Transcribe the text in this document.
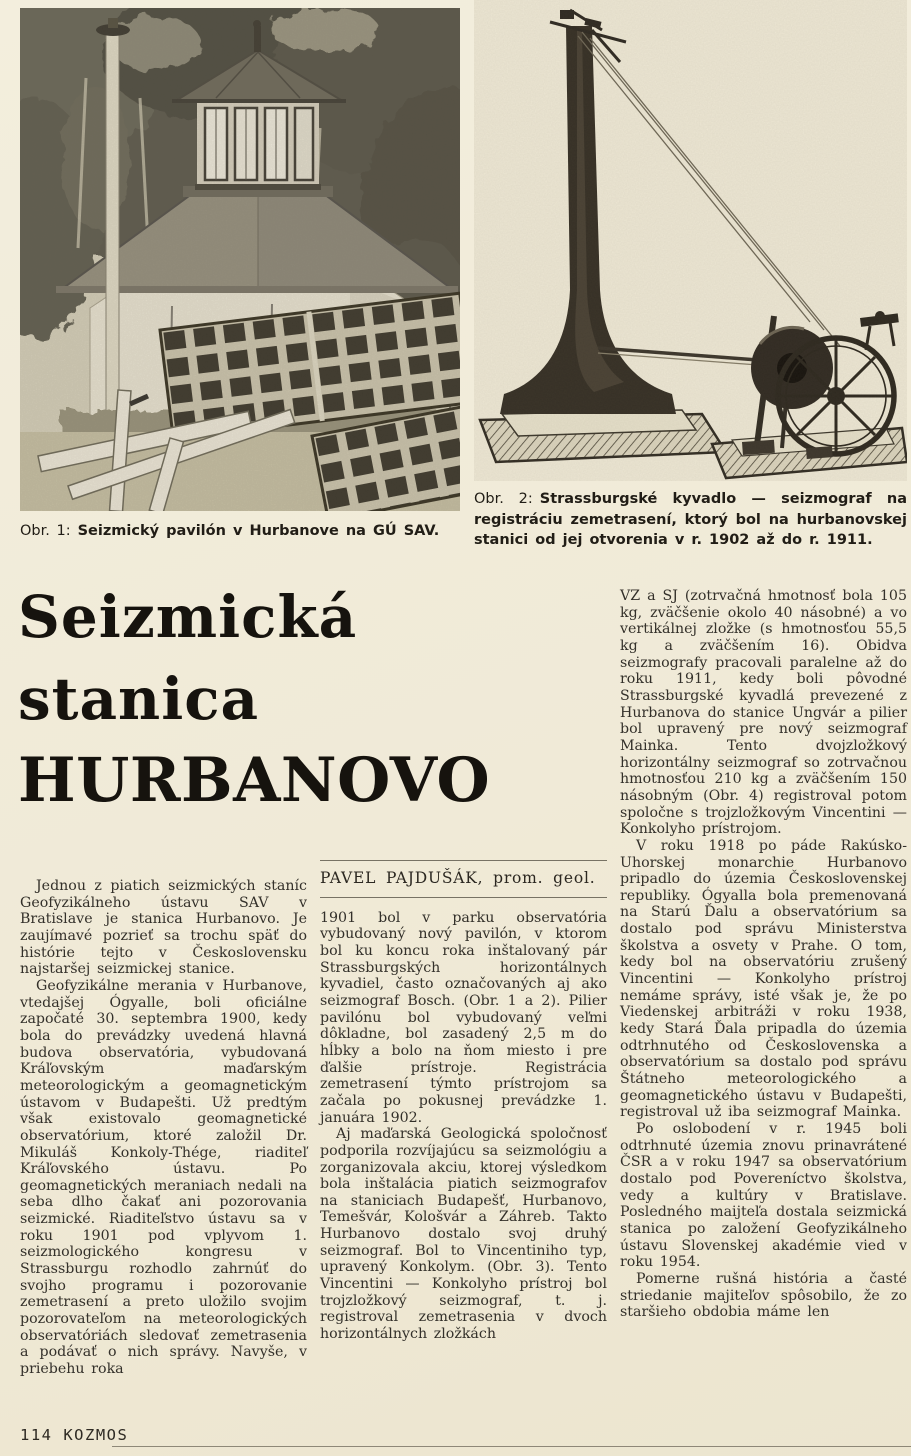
Obr. 1: Seizmický pavilón v Hurbanove na GÚ SAV.
Obr. 2: Strassburgské kyvadlo — seizmograf na registráciu zemetrasení, ktorý bol na hurbanovskej stanici od jej otvorenia v r. 1902 až do r. 1911.
Seizmická
stanica
HURBANOVO

Jednou z piatich seizmických staníc Geofyzikálneho ústavu SAV v Bratislave je stanica Hurbanovo. Je zaujímavé pozrieť sa trochu späť do histórie tejto v Československu najstaršej seizmickej stanice.

Geofyzikálne merania v Hurbanove, vtedajšej Ógyalle, boli oficiálne započaté 30. septembra 1900, kedy bola do prevádzky uvedená hlavná budova observatória, vybudovaná Kráľovským maďarským meteorologickým a geomagnetickým ústavom v Budapešti. Už predtým však existovalo geomagnetické observatórium, ktoré založil Dr. Mikuláš Konkoly-Thége, riaditeľ Kráľovského ústavu. Po geomagnetických meraniach nedali na seba dlho čakať ani pozorovania seizmické. Riaditeľstvo ústavu sa v roku 1901 pod vplyvom 1. seizmologického kongresu v Strassburgu rozhodlo zahrnúť do svojho programu i pozorovanie zemetrasení a preto uložilo svojim pozorovateľom na meteorologických observatóriách sledovať zemetrasenia a podávať o nich správy. Navyše, v priebehu roka

PAVEL PAJDUŠÁK, prom. geol.

1901 bol v parku observatória vybudovaný nový pavilón, v ktorom bol ku koncu roka inštalovaný pár Strassburgských horizontálnych kyvadiel, často označovaných aj ako seizmograf Bosch. (Obr. 1 a 2). Pilier pavilónu bol vybudovaný veľmi dôkladne, bol zasadený 2,5 m do hĺbky a bolo na ňom miesto i pre ďalšie prístroje. Registrácia zemetrasení týmto prístrojom sa začala po pokusnej prevádzke 1. januára 1902.

Aj maďarská Geologická spoločnosť podporila rozvíjajúcu sa seizmológiu a zorganizovala akciu, ktorej výsledkom bola inštalácia piatich seizmografov na staniciach Budapešť, Hurbanovo, Temešvár, Kološvár a Záhreb. Takto Hurbanovo dostalo svoj druhý seizmograf. Bol to Vincentiniho typ, upravený Konkolym. (Obr. 3). Tento Vincentini — Konkolyho prístroj bol trojzložkový seizmograf, t. j. registroval zemetrasenia v dvoch horizontálnych zložkách

VZ a SJ (zotrvačná hmotnosť bola 105 kg, zväčšenie okolo 40 násobné) a vo vertikálnej zložke (s hmotnosťou 55,5 kg a zväčšením 16). Obidva seizmografy pracovali paralelne až do roku 1911, kedy boli pôvodné Strassburgské kyvadlá prevezené z Hurbanova do stanice Ungvár a pilier bol upravený pre nový seizmograf Mainka. Tento dvojzložkový horizontálny seizmograf so zotrvačnou hmotnosťou 210 kg a zväčšením 150 násobným (Obr. 4) registroval potom spoločne s trojzložkovým Vincentini — Konkolyho prístrojom.

V roku 1918 po páde Rakúsko-Uhorskej monarchie Hurbanovo pripadlo do územia Československej republiky. Ógyalla bola premenovaná na Starú Ďalu a observatórium sa dostalo pod správu Ministerstva školstva a osvety v Prahe. O tom, kedy bol na observatóriu zrušený Vincentini — Konkolyho prístroj nemáme správy, isté však je, že po Viedenskej arbitráži v roku 1938, kedy Stará Ďala pripadla do územia odtrhnutého od Československa a observatórium sa dostalo pod správu Štátneho meteorologického a geomagnetického ústavu v Budapešti, registroval už iba seizmograf Mainka.

Po oslobodení v r. 1945 boli odtrhnuté územia znovu prinavrátené ČSR a v roku 1947 sa observatórium dostalo pod Povereníctvo školstva, vedy a kultúry v Bratislave. Posledného maijteľa dostala seizmická stanica po založení Geofyzikálneho ústavu Slovenskej akadémie vied v roku 1954.

Pomerne rušná história a časté striedanie majiteľov spôsobilo, že zo staršieho obdobia máme len

114 KOZMOS
